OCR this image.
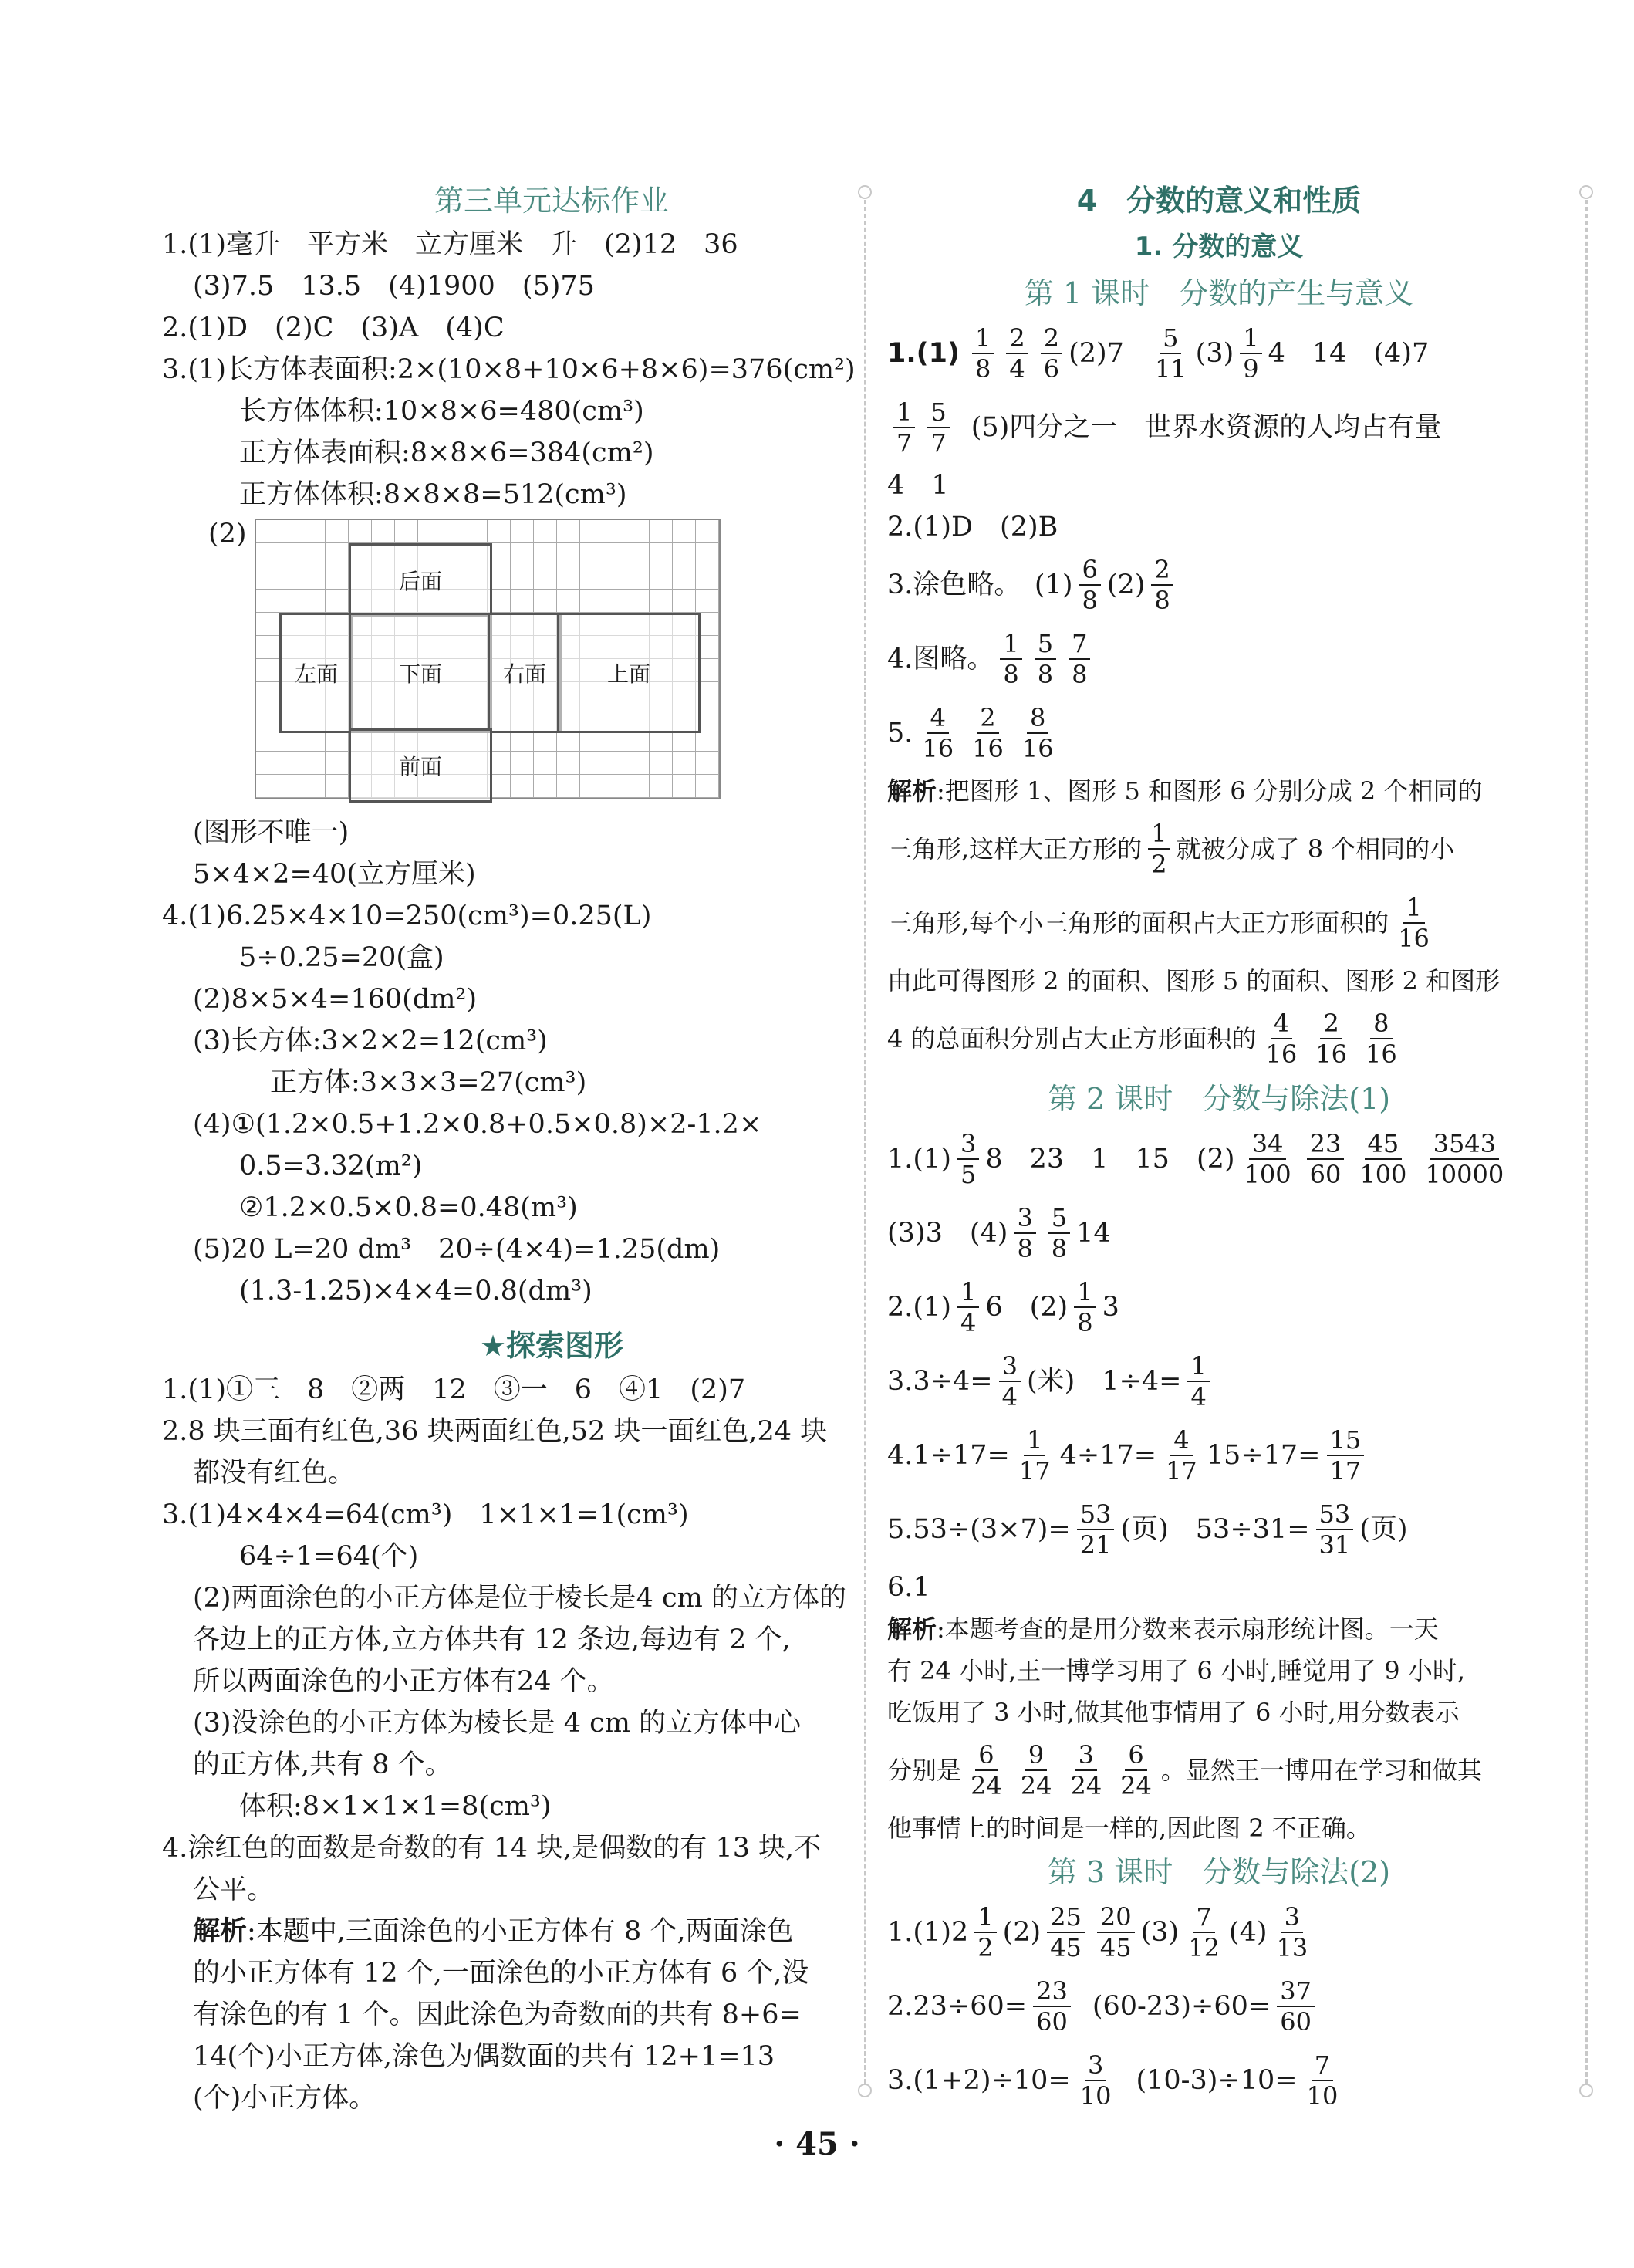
第三单元达标作业
1.(1)毫升　平方米　立方厘米　升　(2)12　36
(3)7.5　13.5　(4)1900　(5)75
2.(1)D　(2)C　(3)A　(4)C
3.(1)长方体表面积:2×(10×8+10×6+8×6)=376(cm²)
长方体体积:10×8×6=480(cm³)
正方体表面积:8×8×6=384(cm²)
正方体体积:8×8×8=512(cm³)
(2)
后面
左面	下面	右面	上面
前面
(图形不唯一)
5×4×2=40(立方厘米)
4.(1)6.25×4×10=250(cm³)=0.25(L)
5÷0.25=20(盒)
(2)8×5×4=160(dm²)
(3)长方体:3×2×2=12(cm³)
正方体:3×3×3=27(cm³)
(4)①(1.2×0.5+1.2×0.8+0.5×0.8)×2-1.2×
0.5=3.32(m²)
②1.2×0.5×0.8=0.48(m³)
(5)20 L=20 dm³　20÷(4×4)=1.25(dm)
(1.3-1.25)×4×4=0.8(dm³)
★探索图形
1.(1)①三　8　②两　12　③一　6　④1　(2)7
2.8 块三面有红色,36 块两面红色,52 块一面红色,24 块
都没有红色。
3.(1)4×4×4=64(cm³)　1×1×1=1(cm³)
64÷1=64(个)
(2)两面涂色的小正方体是位于棱长是4 cm 的立方体的
各边上的正方体,立方体共有 12 条边,每边有 2 个,
所以两面涂色的小正方体有24 个。
(3)没涂色的小正方体为棱长是 4 cm 的立方体中心
的正方体,共有 8 个。
体积:8×1×1×1=8(cm³)
4.涂红色的面数是奇数的有 14 块,是偶数的有 13 块,不
公平。
解析 :本题中,三面涂色的小正方体有 8 个,两面涂色
的小正方体有 12 个,一面涂色的小正方体有 6 个,没
有涂色的有 1 个。因此涂色为奇数面的共有 8+6=
14(个)小正方体,涂色为偶数面的共有 12+1=13
(个)小正方体。
4　分数的意义和性质
1. 分数的意义
第 1 课时　分数的产生与意义
$1.(1) \frac{1}{8} \frac{2}{4} \frac{2}{6} (2)7 \frac{5}{11} (3) \frac{1}{9} 4$　14　(4)7
$\frac{1}{7} \frac{5}{7} (5)$四分之一　世界水资源的人均占有量
4　1
2.(1)D　(2)B
3.涂色略。　$(1) \frac{6}{8} (2) \frac{2}{8}$
4.图略。 $\frac{1}{8} \frac{5}{8} \frac{7}{8}$
5. $\frac{4}{16} \frac{2}{16} \frac{8}{16}$
解析 :把图形 1、图形 5 和图形 6 分别分成 2 个相同的
三角形,这样大正方形的 $\frac{1}{2}$ 就被分成了 8 个相同的小
三角形,每个小三角形的面积占大正方形面积的 $\frac{1}{16}$
由此可得图形 2 的面积、图形 5 的面积、图形 2 和图形
4 的总面积分别占大正方形面积的 $\frac{4}{16} \frac{2}{16} \frac{8}{16}$
第 2 课时　分数与除法(1)
$1.(1) \frac{3}{5} 8$　23　1　15　$(2) \frac{34}{100} \frac{23}{60} \frac{45}{100} \frac{3543}{10000}$
(3)3　$(4) \frac{3}{8} \frac{5}{8} 14$
$2.(1) \frac{1}{4} 6$　$(2) \frac{1}{8} 3$
$3.3\div 4= \frac{3}{4}$ (米)　$1\div 4= \frac{1}{4}$
$4.1\div 17= \frac{1}{17} 4\div 17= \frac{4}{17} 15\div 17= \frac{15}{17}$
$5.53\div(3\times 7)= \frac{53}{21}$ (页)　$53\div 31= \frac{53}{31}$ (页)
6.1
解析 :本题考查的是用分数来表示扇形统计图。一天
有 24 小时,王一博学习用了 6 小时,睡觉用了 9 小时,
吃饭用了 3 小时,做其他事情用了 6 小时,用分数表示
分别是 $\frac{6}{24} \frac{9}{24} \frac{3}{24} \frac{6}{24}$ 。显然王一博用在学习和做其
他事情上的时间是一样的,因此图 2 不正确。
第 3 课时　分数与除法(2)
$1.(1)2 \frac{1}{2} (2) \frac{25}{45} \frac{20}{45} (3) \frac{7}{12} (4) \frac{3}{13}$
$2.23\div 60= \frac{23}{60} (60-23)\div 60= \frac{37}{60}$
$3.(1+2)\div 10= \frac{3}{10} (10-3)\div 10= \frac{7}{10}$
· 45 ·
